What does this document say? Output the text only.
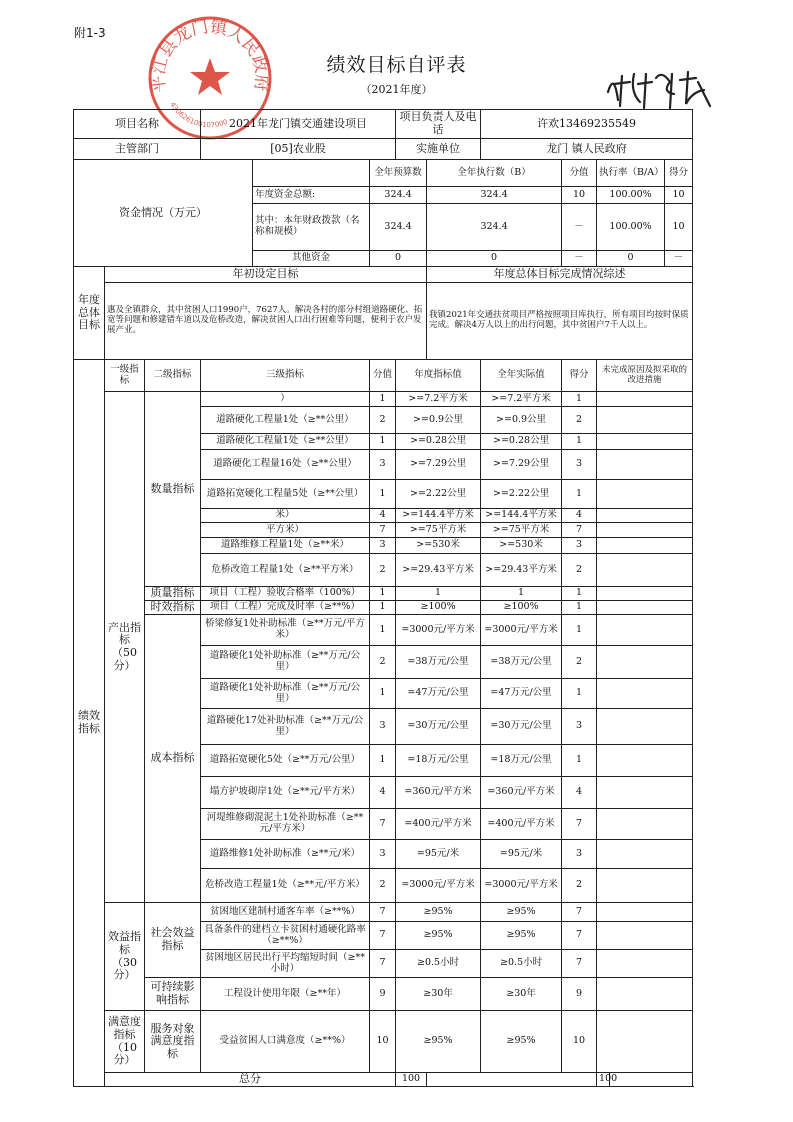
附1-3
绩效目标自评表
（2021年度）
平江县龙门镇人民政府
430626100107000
项目名称			2021年龙门镇交通建设项目			项目负责人及电话		许欢13469235549				
主管部门			[05]农业股			实施单位		龙门 镇人民政府				
资金情况（万元）					全年预算数		全年执行数（B）		分值	执行率（B/A）		得分
				年度资金总额:	324.4		324.4		10	100.00%		10
				其中：本年财政拨款（名称和规模）	324.4		324.4		－	100.00%		10
				其他资金	0		0		－	0		－
年度总体目标	年初设定目标						年度总体目标完成情况综述					
	惠及全镇群众，其中贫困人口1990户，7627人。解决各村的部分村组道路硬化、拓宽等问题和修建错车道以及危桥改造，解决贫困人口出行困难等问题，便利于农户发展产业。						我镇2021年交通扶贫项目严格按照项目库执行，所有项目均按时保质完成。解决4万人以上的出行问题，其中贫困户7千人以上。					
绩效指标	一级指标	二级指标	三级指标		分值	年度指标值		全年实际值	得分	未完成原因及拟采取的改进措施		
	产出指标（50分）	数量指标	）		1	>=7.2平方米		>=7.2平方米	1			
			道路硬化工程量1处（≥**公里）		2	>=0.9公里		>=0.9公里	2			
			道路硬化工程量1处（≥**公里）		1	>=0.28公里		>=0.28公里	1			
			道路硬化工程量16处（≥**公里）		3	>=7.29公里		>=7.29公里	3			
			道路拓宽硬化工程量5处（≥**公里）		1	>=2.22公里		>=2.22公里	1			
			米）		4	>=144.4平方米		>=144.4平方米	4			
			平方米）		7	>=75平方米		>=75平方米	7			
			道路维修工程量1处（≥**米）		3	>=530米		>=530米	3			
			危桥改造工程量1处（≥**平方米）		2	>=29.43平方米		>=29.43平方米	2			
		质量指标	项目（工程）验收合格率（100%）		1	1		1	1			
		时效指标	项目（工程）完成及时率（≥**%）		1	≥100%		≥100%	1			
		成本指标	桥梁修复1处补助标准（≥**万元/平方米）		1	=3000元/平方米		=3000元/平方米	1			
			道路硬化1处补助标准（≥**万元/公里）		2	=38万元/公里		=38万元/公里	2			
			道路硬化1处补助标准（≥**万元/公里）		1	=47万元/公里		=47万元/公里	1			
			道路硬化17处补助标准（≥**万元/公里）		3	=30万元/公里		=30万元/公里	3			
			道路拓宽硬化5处（≥**万元/公里）		1	=18万元/公里		=18万元/公里	1			
			塌方护坡砌岸1处（≥**元/平方米）		4	=360元/平方米		=360元/平方米	4			
			河堤维修砌混泥土1处补助标准（≥**元/平方米）		7	=400元/平方米		=400元/平方米	7			
			道路维修1处补助标准（≥**元/米）		3	=95元/米		=95元/米	3			
			危桥改造工程量1处（≥**元/平方米）		2	=3000元/平方米		=3000元/平方米	2			
	效益指标（30分）	社会效益指标	贫困地区建制村通客车率（≥**%）		7	≥95%		≥95%	7			
			具备条件的建档立卡贫困村通硬化路率（≥**%）		7	≥95%		≥95%	7			
			贫困地区居民出行平均缩短时间（≥**小时）		7	≥0.5小时		≥0.5小时	7			
		可持续影响指标	工程设计使用年限（≥**年）		9	≥30年		≥30年	9			
	满意度指标（10分）	服务对象满意度指标	受益贫困人口满意度（≥**%）		10	≥95%		≥95%	10			
	总分					100				100		
